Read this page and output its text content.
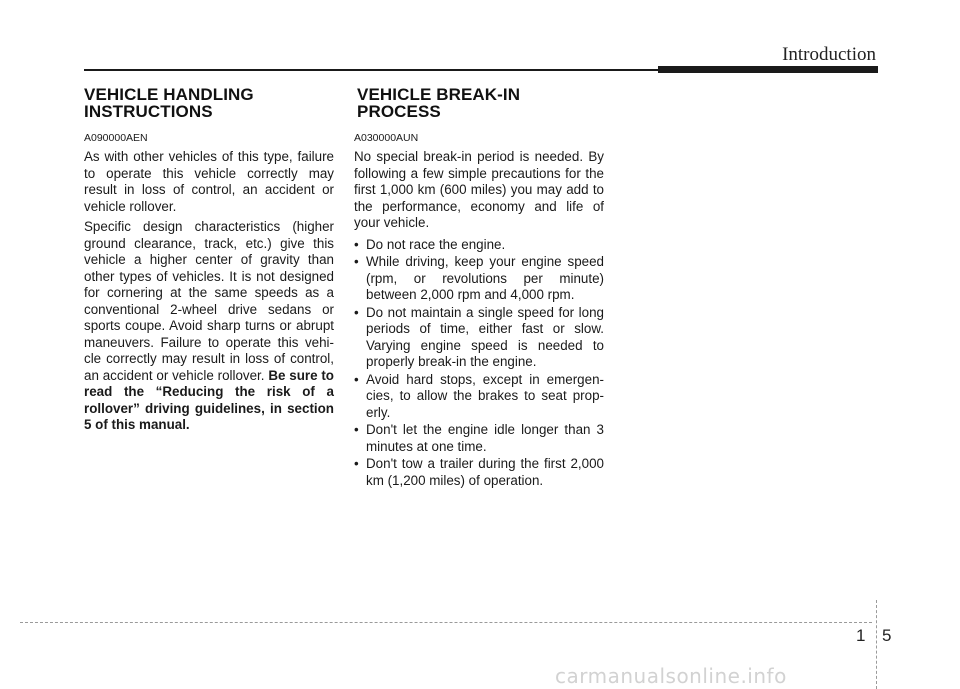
Introduction
VEHICLE HANDLING
INSTRUCTIONS
A090000AEN

As with other vehicles of this type, failure to operate this vehicle correctly may result in loss of control, an accident or vehicle rollover.

Specific design characteristics (higher ground clearance, track, etc.) give this vehicle a higher center of gravity than other types of vehicles. It is not designed for cornering at the same speeds as a conventional 2-wheel drive sedans or sports coupe. Avoid sharp turns or abrupt maneuvers. Failure to operate this vehi-cle correctly may result in loss of control, an accident or vehicle rollover. Be sure to read the “Reducing the risk of a rollover” driving guidelines, in section 5 of this manual.

VEHICLE BREAK-IN PROCESS
A030000AUN

No special break-in period is needed. By following a few simple precautions for the first 1,000 km (600 miles) you may add to the performance, economy and life of your vehicle.

• Do not race the engine.
• While driving, keep your engine speed (rpm, or revolutions per minute) between 2,000 rpm and 4,000 rpm.
• Do not maintain a single speed for long periods of time, either fast or slow. Varying engine speed is needed to properly break-in the engine.
• Avoid hard stops, except in emergen-cies, to allow the brakes to seat prop-erly.
• Don't let the engine idle longer than 3 minutes at one time.
• Don't tow a trailer during the first 2,000 km (1,200 miles) of operation.
1 5
carmanualsonline.info
